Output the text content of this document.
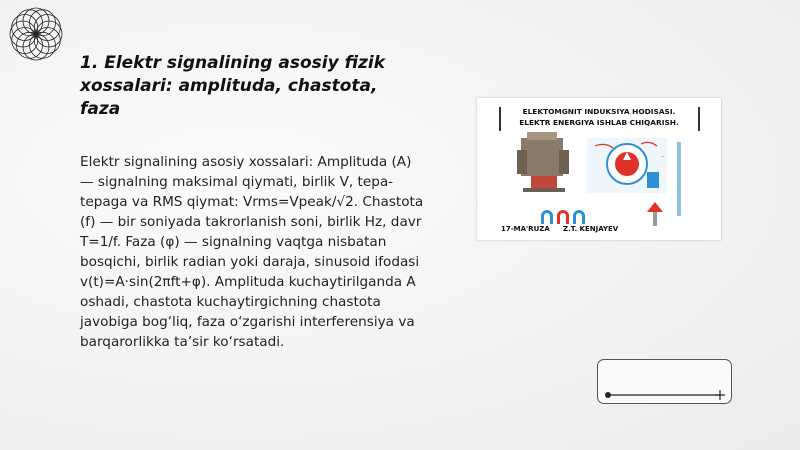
1. Elektr signalining asosiy fizik xossalari: amplituda, chastota, faza

Elektr signalining asosiy xossalari: Amplituda (A) — signalning maksimal qiymati, birlik V, tepa-tepaga va RMS qiymat: Vrms=Vpeak/√2. Chastota (f) — bir soniyada takrorlanish soni, birlik Hz, davr T=1/f. Faza (φ) — signalning vaqtga nisbatan bosqichi, birlik radian yoki daraja, sinusoid ifodasi v(t)=A·sin(2πft+φ). Amplituda kuchaytirilganda A oshadi, chastota kuchaytirgichning chastota javobiga bog‘liq, faza o‘zgarishi interferensiya va barqarorlikka ta’sir ko‘rsatadi.

~
ELEKTOMGNIT INDUKSIYA HODISASI.
ELEKTR ENERGIYA ISHLAB CHIQARISH.
17-MA'RUZA Z.T. KENJAYEV
